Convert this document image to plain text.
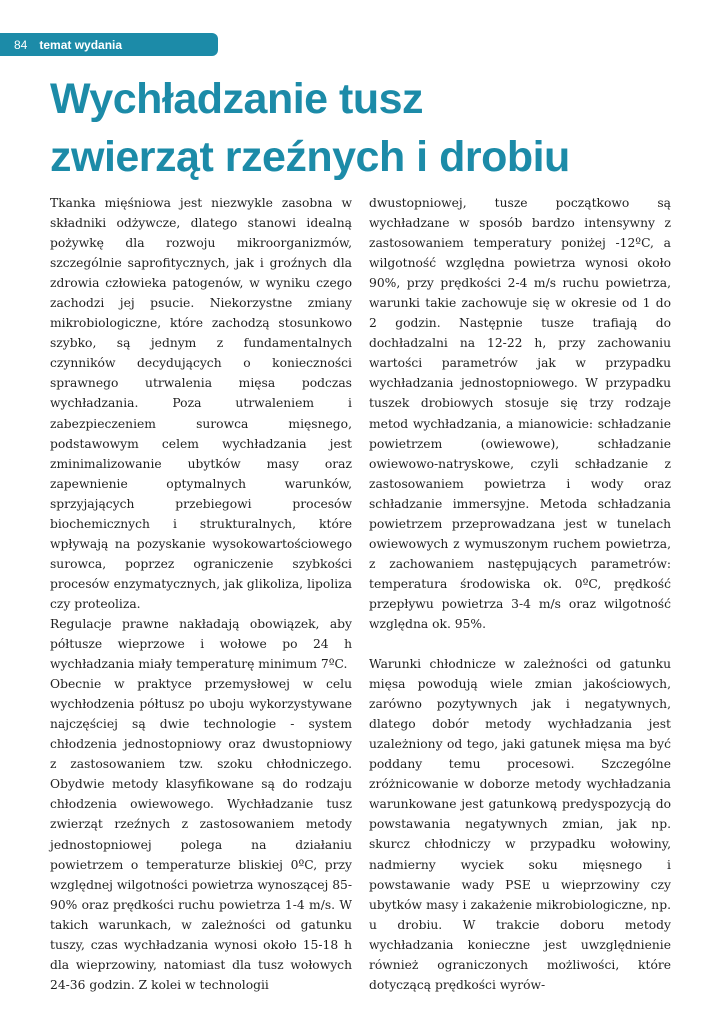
84 temat wydania
Wychładzanie tusz
zwierząt rzeźnych i drobiu

Tkanka mięśniowa jest niezwykle zasobna w składniki odżywcze, dlatego stanowi idealną pożywkę dla rozwoju mikroorganizmów, szczególnie saprofitycznych, jak i groźnych dla zdrowia człowieka patogenów, w wyniku czego zachodzi jej psucie. Niekorzystne zmiany mikrobiologiczne, które zachodzą stosunkowo szybko, są jednym z fundamentalnych czynników decydujących o konieczności sprawnego utrwalenia mięsa podczas wychładzania. Poza utrwaleniem i zabezpieczeniem surowca mięsnego, podstawowym celem wychładzania jest zminimalizowanie ubytków masy oraz zapewnienie optymalnych warunków, sprzyjających przebiegowi procesów biochemicznych i strukturalnych, które wpływają na pozyskanie wysokowartościowego surowca, poprzez ograniczenie szybkości procesów enzymatycznych, jak glikoliza, lipoliza czy proteoliza.

Regulacje prawne nakładają obowiązek, aby półtusze wieprzowe i wołowe po 24 h wychładzania miały temperaturę minimum 7ºC.

Obecnie w praktyce przemysłowej w celu wychłodzenia półtusz po uboju wykorzystywane najczęściej są dwie technologie - system chłodzenia jednostopniowy oraz dwustopniowy z zastosowaniem tzw. szoku chłodniczego. Obydwie metody klasyfikowane są do rodzaju chłodzenia owiewowego. Wychładzanie tusz zwierząt rzeźnych z zastosowaniem metody jednostopniowej polega na działaniu powietrzem o temperaturze bliskiej 0ºC, przy względnej wilgotności powietrza wynoszącej 85-90% oraz prędkości ruchu powietrza 1-4 m/s. W takich warunkach, w zależności od gatunku tuszy, czas wychładzania wynosi około 15-18 h dla wieprzowiny, natomiast dla tusz wołowych 24-36 godzin. Z kolei w technologii

dwustopniowej, tusze początkowo są wychładzane w sposób bardzo intensywny z zastosowaniem temperatury poniżej -12ºC, a wilgotność względna powietrza wynosi około 90%, przy prędkości 2-4 m/s ruchu powietrza, warunki takie zachowuje się w okresie od 1 do 2 godzin. Następnie tusze trafiają do dochładzalni na 12-22 h, przy zachowaniu wartości parametrów jak w przypadku wychładzania jednostopniowego. W przypadku tuszek drobiowych stosuje się trzy rodzaje metod wychładzania, a mianowicie: schładzanie powietrzem (owiewowe), schładzanie owiewowo-natryskowe, czyli schładzanie z zastosowaniem powietrza i wody oraz schładzanie immersyjne. Metoda schładzania powietrzem przeprowadzana jest w tunelach owiewowych z wymuszonym ruchem powietrza, z zachowaniem następujących parametrów: temperatura środowiska ok. 0ºC, prędkość przepływu powietrza 3-4 m/s oraz wilgotność względna ok. 95%.

Warunki chłodnicze w zależności od gatunku mięsa powodują wiele zmian jakościowych, zarówno pozytywnych jak i negatywnych, dlatego dobór metody wychładzania jest uzależniony od tego, jaki gatunek mięsa ma być poddany temu procesowi. Szczególne zróżnicowanie w doborze metody wychładzania warunkowane jest gatunkową predyspozycją do powstawania negatywnych zmian, jak np. skurcz chłodniczy w przypadku wołowiny, nadmierny wyciek soku mięsnego i powstawanie wady PSE u wieprzowiny czy ubytków masy i zakażenie mikrobiologiczne, np. u drobiu. W trakcie doboru metody wychładzania konieczne jest uwzględnienie również ograniczonych możliwości, które dotyczącą prędkości wyrów-
